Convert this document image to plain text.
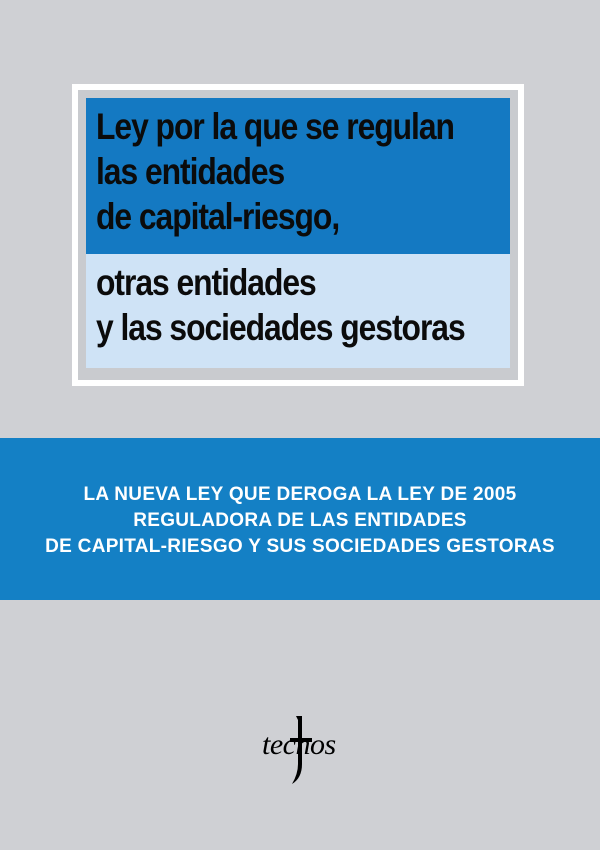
Ley por la que se regulan
las entidades
de capital-riesgo,
otras entidades
y las sociedades gestoras
LA NUEVA LEY QUE DEROGA LA LEY DE 2005
REGULADORA DE LAS ENTIDADES
DE CAPITAL-RIESGO Y SUS SOCIEDADES GESTORAS
tecnos
